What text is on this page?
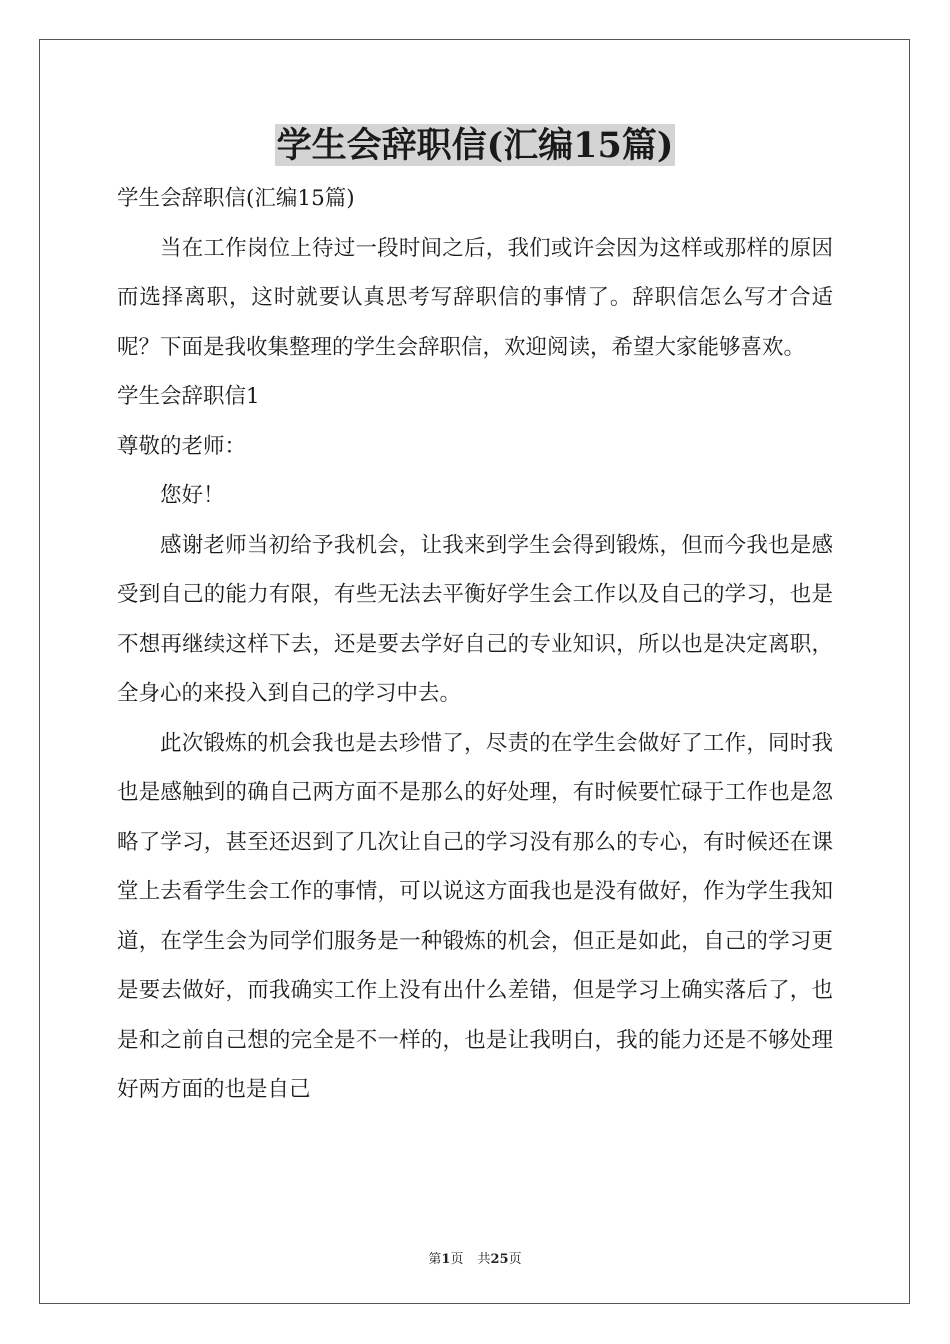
学生会辞职信(汇编15篇)

学生会辞职信(汇编15篇)

当在工作岗位上待过一段时间之后，我们或许会因为这样或那样的原因而选择离职，这时就要认真思考写辞职信的事情了。辞职信怎么写才合适呢？下面是我收集整理的学生会辞职信，欢迎阅读，希望大家能够喜欢。

学生会辞职信1

尊敬的老师：

您好！

感谢老师当初给予我机会，让我来到学生会得到锻炼，但而今我也是感受到自己的能力有限，有些无法去平衡好学生会工作以及自己的学习，也是不想再继续这样下去，还是要去学好自己的专业知识，所以也是决定离职，全身心的来投入到自己的学习中去。

此次锻炼的机会我也是去珍惜了，尽责的在学生会做好了工作，同时我也是感触到的确自己两方面不是那么的好处理，有时候要忙碌于工作也是忽略了学习，甚至还迟到了几次让自己的学习没有那么的专心，有时候还在课堂上去看学生会工作的事情，可以说这方面我也是没有做好，作为学生我知道，在学生会为同学们服务是一种锻炼的机会，但正是如此，自己的学习更是要去做好，而我确实工作上没有出什么差错，但是学习上确实落后了，也是和之前自己想的完全是不一样的，也是让我明白，我的能力还是不够处理好两方面的也是自己

第1页 共25页
